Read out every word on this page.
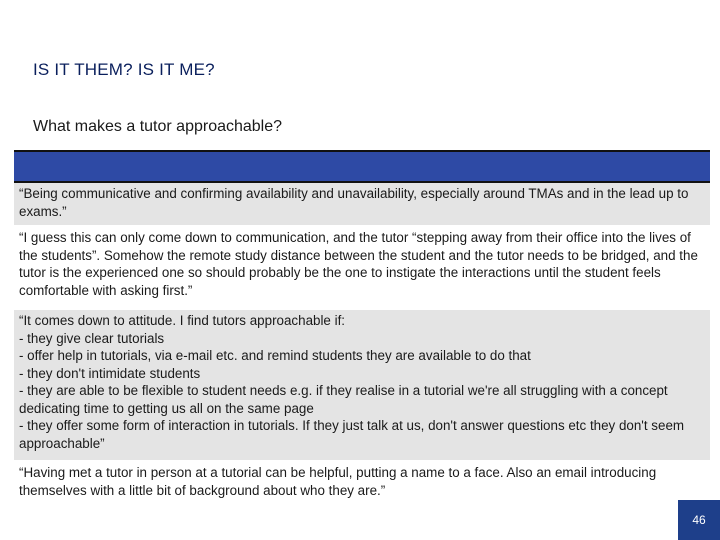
IS IT THEM? IS IT ME?
What makes a tutor approachable?
“Being communicative and confirming availability and unavailability, especially around TMAs and in the lead up to exams.”
“I guess this can only come down to communication, and the tutor “stepping away from their office into the lives of the students”. Somehow the remote study distance between the student and the tutor needs to be bridged, and the tutor is the experienced one so should probably be the one to instigate the interactions until the student feels comfortable with asking first.”
“It comes down to attitude. I find tutors approachable if:
- they give clear tutorials
- offer help in tutorials, via e-mail etc. and remind students they are available to do that
- they don't intimidate students
- they are able to be flexible to student needs e.g. if they realise in a tutorial we're all struggling with a concept dedicating time to getting us all on the same page
- they offer some form of interaction in tutorials. If they just talk at us, don't answer questions etc they don't seem approachable”
“Having met a tutor in person at a tutorial can be helpful, putting a name to a face. Also an email introducing themselves with a little bit of background about who they are.”
46
